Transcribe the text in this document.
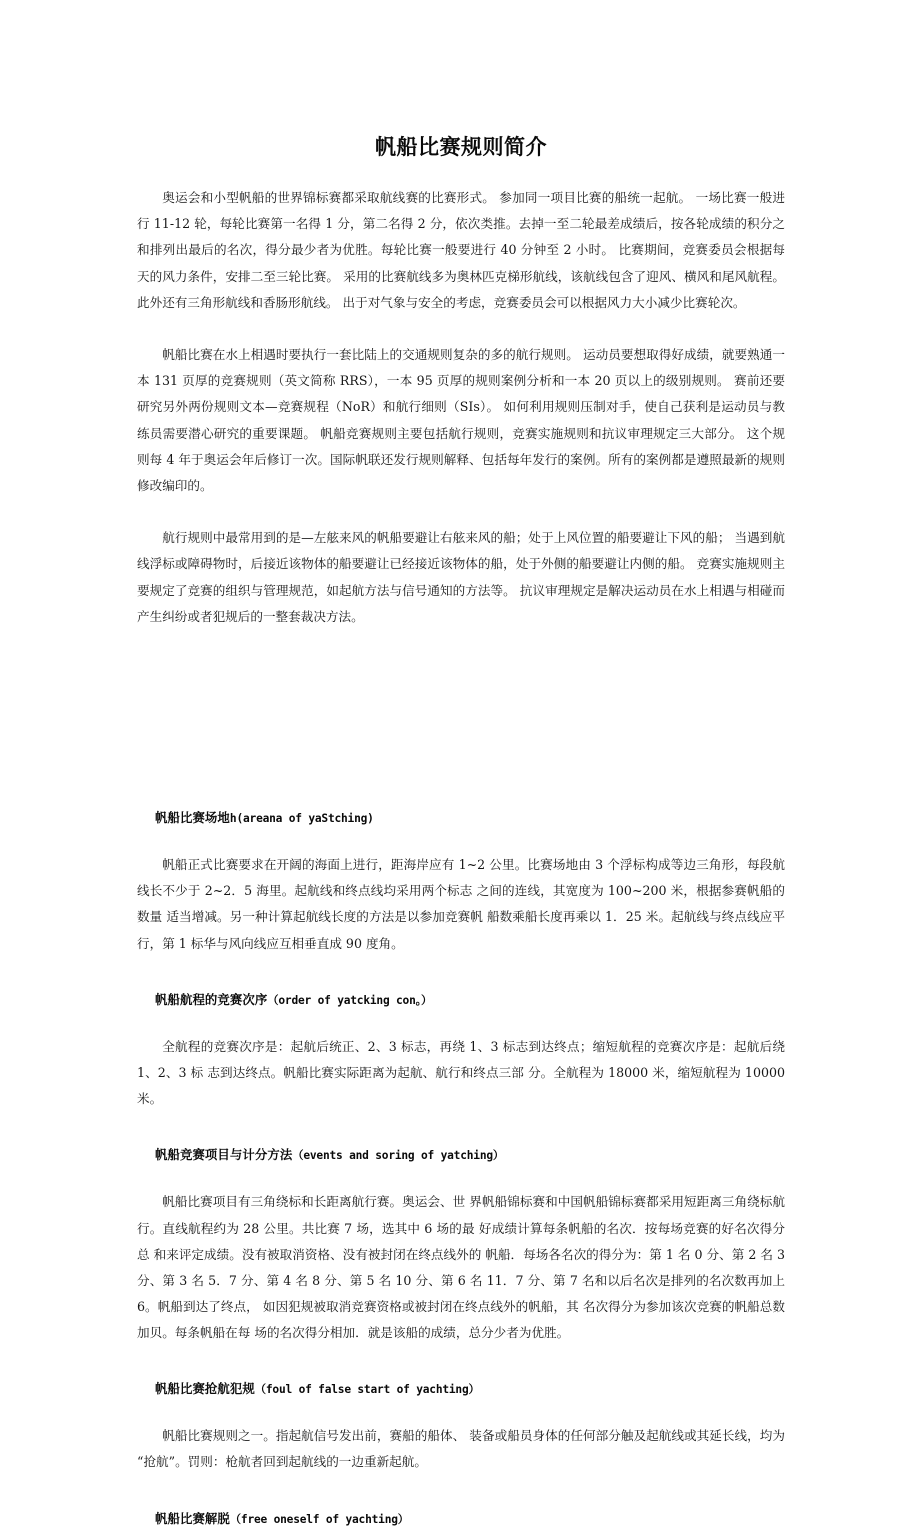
帆船比赛规则简介

奥运会和小型帆船的世界锦标赛都采取航线赛的比赛形式。 参加同一项目比赛的船统一起航。 一场比赛一般进行 11-12 轮，每轮比赛第一名得 1 分，第二名得 2 分，依次类推。去掉一至二轮最差成绩后，按各轮成绩的积分之和排列出最后的名次，得分最少者为优胜。每轮比赛一般要进行 40 分钟至 2 小时。 比赛期间，竞赛委员会根据每天的风力条件，安排二至三轮比赛。 采用的比赛航线多为奥林匹克梯形航线，该航线包含了迎风、横风和尾风航程。 此外还有三角形航线和香肠形航线。 出于对气象与安全的考虑，竞赛委员会可以根据风力大小减少比赛轮次。

帆船比赛在水上相遇时要执行一套比陆上的交通规则复杂的多的航行规则。 运动员要想取得好成绩，就要熟通一本 131 页厚的竞赛规则（英文简称 RRS），一本 95 页厚的规则案例分析和一本 20 页以上的级别规则。 赛前还要研究另外两份规则文本—竞赛规程（NoR）和航行细则（SIs）。 如何利用规则压制对手，使自己获利是运动员与教练员需要潜心研究的重要课题。 帆船竞赛规则主要包括航行规则，竞赛实施规则和抗议审理规定三大部分。 这个规则每 4 年于奥运会年后修订一次。国际帆联还发行规则解释、包括每年发行的案例。所有的案例都是遵照最新的规则修改编印的。

航行规则中最常用到的是—左舷来风的帆船要避让右舷来风的船；处于上风位置的船要避让下风的船； 当遇到航线浮标或障碍物时，后接近该物体的船要避让已经接近该物体的船，处于外侧的船要避让内侧的船。 竞赛实施规则主要规定了竞赛的组织与管理规范，如起航方法与信号通知的方法等。 抗议审理规定是解决运动员在水上相遇与相碰而产生纠纷或者犯规后的一整套裁决方法。

帆船比赛场地h(areana of yaStching)

帆船正式比赛要求在开阔的海面上进行，距海岸应有 1~2 公里。比赛场地由 3 个浮标构成等边三角形，每段航 线长不少于 2~2．5 海里。起航线和终点线均采用两个标志 之间的连线，其宽度为 100~200 米，根据参赛帆船的数量 适当增减。另一种计算起航线长度的方法是以参加竞赛帆 船数乘船长度再乘以 1．25 米。起航线与终点线应平行，第 1 标华与风向线应互相垂直成 90 度角。

帆船航程的竞赛次序（order of yatcking con。）

全航程的竞赛次序是：起航后统正、2、3 标志，再绕 1、3 标志到达终点；缩短航程的竞赛次序是：起航后绕 1、2、3 标 志到达终点。帆船比赛实际距离为起航、航行和终点三部 分。全航程为 18000 米，缩短航程为 10000 米。

帆船竞赛项目与计分方法（events and soring of yatching）

帆船比赛项目有三角绕标和长距离航行赛。奥运会、世 界帆船锦标赛和中国帆船锦标赛都采用短距离三角绕标航 行。直线航程约为 28 公里。共比赛 7 场，选其中 6 场的最 好成绩计算每条帆船的名次．按每场竞赛的好名次得分总 和来评定成绩。没有被取消资格、没有被封闭在终点线外的 帆船．每场各名次的得分为：第 1 名 0 分、第 2 名 3 分、第 3 名 5．7 分、第 4 名 8 分、第 5 名 10 分、第 6 名 11．7 分、第 7 名和以后名次是排列的名次数再加上 6。帆船到达了终点， 如因犯规被取消竞赛资格或被封闭在终点线外的帆船，其 名次得分为参加该次竞赛的帆船总数加贝。每条帆船在每 场的名次得分相加．就是该船的成绩，总分少者为优胜。

帆船比赛抢航犯规（foul of false start of yachting）

帆船比赛规则之一。指起航信号发出前，赛船的船体、 装备或船员身体的任何部分触及起航线或其延长线，均为“抢航”。罚则：枪航者回到起航线的一边重新起航。

帆船比赛解脱（free oneself of yachting）
